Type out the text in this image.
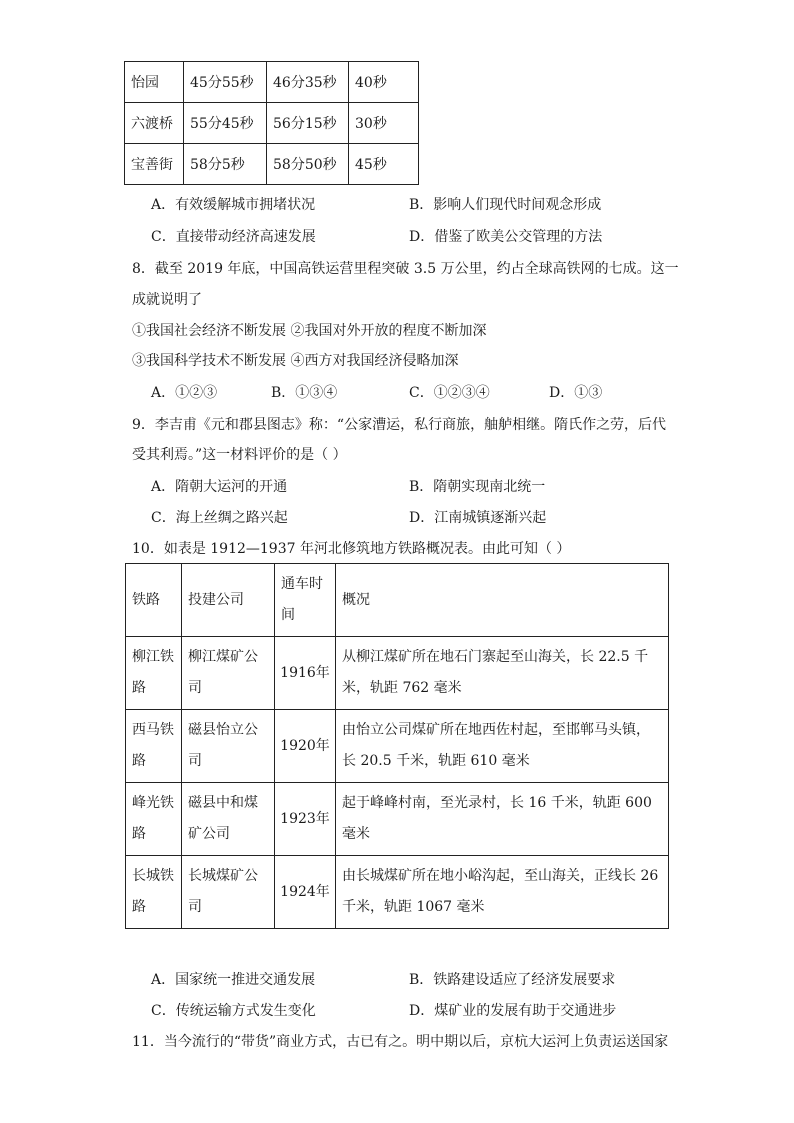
怡园	45分55秒	46分35秒	40秒
六渡桥	55分45秒	56分15秒	30秒
宝善街	58分5秒	58分50秒	45秒
A．有效缓解城市拥堵状况	B．影响人们现代时间观念形成
C．直接带动经济高速发展	D．借鉴了欧美公交管理的方法
8．截至 2019 年底，中国高铁运营里程突破 3.5 万公里，约占全球高铁网的七成。这一
成就说明了
①我国社会经济不断发展 ②我国对外开放的程度不断加深
③我国科学技术不断发展 ④西方对我国经济侵略加深
A．①②③	B．①③④	C．①②③④	D．①③
9．李吉甫《元和郡县图志》称：“公家漕运，私行商旅，舳舻相继。隋氏作之劳，后代
受其利焉。”这一材料评价的是（ ）
A．隋朝大运河的开通	B．隋朝实现南北统一
C．海上丝绸之路兴起	D．江南城镇逐渐兴起
10．如表是 1912—1937 年河北修筑地方铁路概况表。由此可知（ ）
铁路	投建公司	通车时间	概况
柳江铁路	柳江煤矿公司	1916年	从柳江煤矿所在地石门寨起至山海关，长 22.5 千米，轨距 762 毫米
西马铁路	磁县怡立公司	1920年	由怡立公司煤矿所在地西佐村起，至邯郸马头镇，长 20.5 千米，轨距 610 毫米
峰光铁路	磁县中和煤矿公司	1923年	起于峰峰村南，至光录村，长 16 千米，轨距 600 毫米
长城铁路	长城煤矿公司	1924年	由长城煤矿所在地小峪沟起，至山海关，正线长 26 千米，轨距 1067 毫米
A．国家统一推进交通发展	B．铁路建设适应了经济发展要求
C．传统运输方式发生变化	D．煤矿业的发展有助于交通进步
11．当今流行的“带货”商业方式，古已有之。明中期以后，京杭大运河上负责运送国家
